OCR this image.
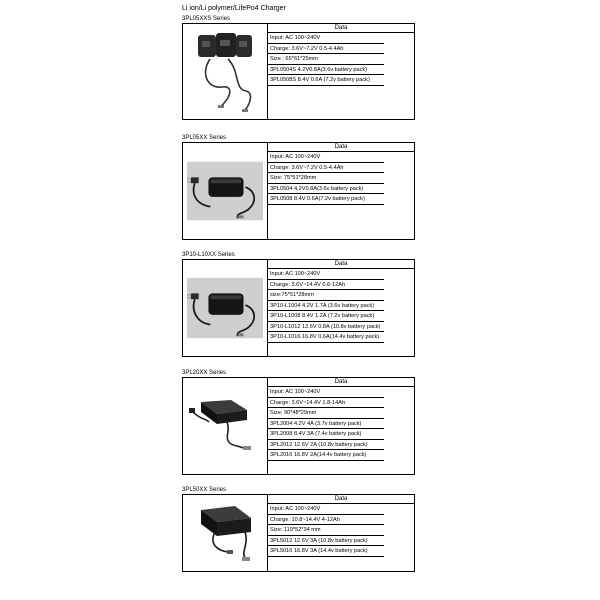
Li ion/Li polymer/LifePo4 Charger
3PL05XXS Series
Data
Input: AC 100~240V
Charge: 3.6V~7.2V 0.5-4.4Ah
Size : 65*61*25mm
3PL0504S 4.2V0.8A(3.6v battery pack)
3PL0508S 8.4V 0.6A (7.2v battery pack)
3PL05XX Series
Data
Input: AC 100~240V
Charge: 3.6V~7.2V 0.5-4.4Ah
Size: 75*51*28mm
3PL0504 4.2V0.8A(3.6v battery pack)
3PL0508 8.4V 0.6A(7.2v battery pack)
3P10-L10XX Series
Data
Input: AC 100~240V
Charge: 3.6V~14.4V 0.6-12Ah
size:75*51*28mm
3P10-L1004 4.2V 1.7A (3.6v battery pack)
3P10-L1008 8.4V 1.2A (7.2v battery pack)
3P10-L1012 12.6V 0.8A (10.8v battery pack)
3P10-L1016 16.8V 0.6A(14.4v battery pack)
3PL20XX Series
Data
Input: AC 100~240V
Charge: 3.6V~14.4V 1.8-14Ah
Size: 90*48*29mm
3PL2004 4.2V 4A (3.7v battery pack)
3PL2008 8.4V 3A (7.4v battery pack)
3PL2012 12.6V 2A (10.8v battery pack)
3PL2016 16.8V 2A(14.4v battery pack)
3PL50XX Series
Data
Input: AC 100~240V
Charge: 10.8~14.4V 4-12Ah
Size: 119*52*34 mm
3PL5012 12.6V 3A (10.8v battery pack)
3PL5016 16.8V 3A (14.4v battery pack)
